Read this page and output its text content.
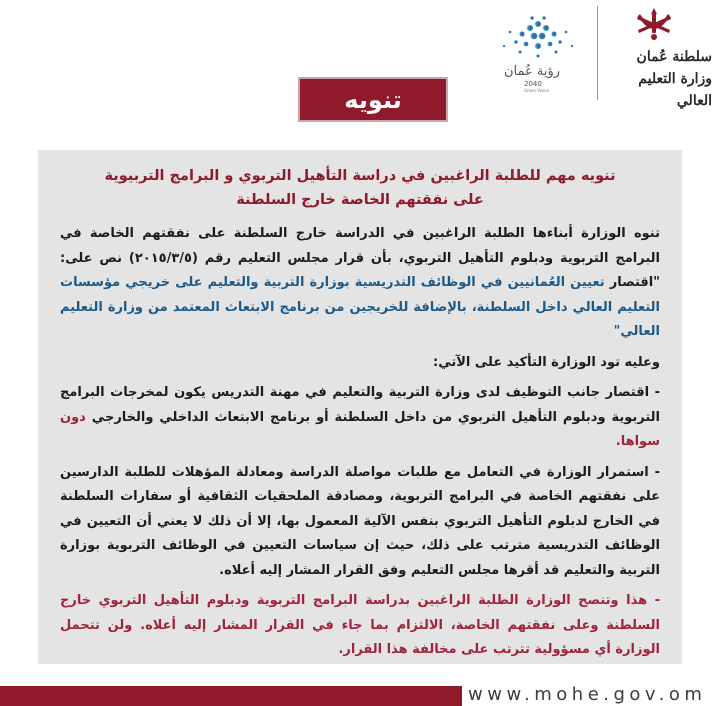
سلطنة عُمان
وزارة التعليم العالي
رؤية عُمان
2040
Oman Vision
تنويه
تنويه مهم للطلبة الراغبين في دراسة التأهيل التربوي و البرامج التربيوية
على نفقتهم الخاصة خارج السلطنة

تنوه الوزارة أبناءها الطلبة الراغبين في الدراسة خارج السلطنة على نفقتهم الخاصة في البرامج التربوية ودبلوم التأهيل التربوي، بأن قرار مجلس التعليم رقم (٢٠١٥/٣/٥) نص على: "اقتصار تعيين العُمانيين في الوظائف التدريسية بوزارة التربية والتعليم على خريجي مؤسسات التعليم العالي داخل السلطنة، بالإضافة للخريجين من برنامج الابتعاث المعتمد من وزارة التعليم العالي"

وعليه تود الوزارة التأكيد على الآتي:

- اقتصار جانب التوظيف لدى وزارة التربية والتعليم في مهنة التدريس يكون لمخرجات البرامج التربوية ودبلوم التأهيل التربوي من داخل السلطنة أو برنامج الابتعاث الداخلي والخارجي دون سواها.

- استمرار الوزارة في التعامل مع طلبات مواصلة الدراسة ومعادلة المؤهلات للطلبة الدارسين على نفقتهم الخاصة في البرامج التربوية، ومصادقة الملحقيات الثقافية أو سفارات السلطنة في الخارج لدبلوم التأهيل التربوي بنفس الآلية المعمول بها، إلا أن ذلك لا يعني أن التعيين في الوظائف التدريسية مترتب على ذلك، حيث إن سياسات التعيين في الوظائف التربوية بوزارة التربية والتعليم قد أقرها مجلس التعليم وفق القرار المشار إليه أعلاه.

- هذا وتنصح الوزارة الطلبة الراغبين بدراسة البرامج التربوية ودبلوم التأهيل التربوي خارج السلطنة وعلى نفقتهم الخاصة، الالتزام بما جاء في القرار المشار إليه أعلاه. ولن تتحمل الوزارة أي مسؤولية تترتب على مخالفة هذا القرار.

www.mohe.gov.om
